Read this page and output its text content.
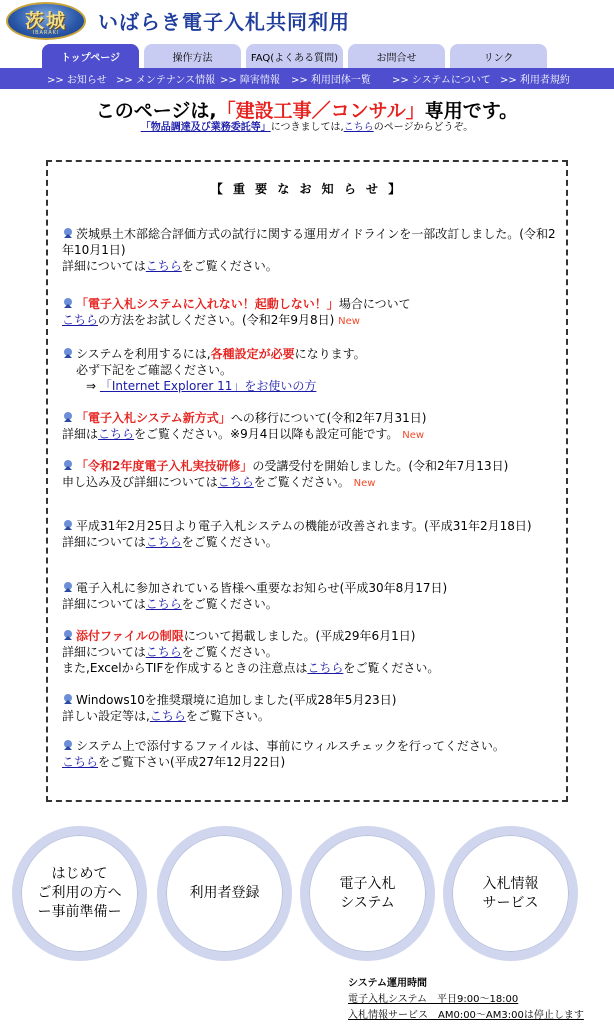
茨城
IBARAKI	いばらき電子入札共同利用
トップページ	操作方法	FAQ(よくある質問)	お問合せ	リンク
>> お知らせ >> メンテナンス情報 >> 障害情報 >> 利用団体一覧 >> システムについて >> 利用者規約
このページは,「建設工事／コンサル」専用です。
「物品調達及び業務委託等」につきましては,こちらのページからどうぞ。
【 重 要 な お 知 ら せ 】
茨城県土木部総合評価方式の試行に関する運用ガイドラインを一部改訂しました。(令和2年10月1日)
詳細についてはこちらをご覧ください。
「電子入札システムに入れない！起動しない！」場合について
こちらの方法をお試しください。(令和2年9月8日) New
システムを利用するには,各種設定が必要になります。
必ず下記をご確認ください。
⇒ 「Internet Explorer 11」をお使いの方
「電子入札システム新方式」への移行について(令和2年7月31日)
詳細はこちらをご覧ください。※9月4日以降も設定可能です。 New
「令和2年度電子入札実技研修」の受講受付を開始しました。(令和2年7月13日)
申し込み及び詳細についてはこちらをご覧ください。 New
平成31年2月25日より電子入札システムの機能が改善されます。(平成31年2月18日)
詳細についてはこちらをご覧ください。
電子入札に参加されている皆様へ重要なお知らせ(平成30年8月17日)
詳細についてはこちらをご覧ください。
添付ファイルの制限について掲載しました。(平成29年6月1日)
詳細についてはこちらをご覧ください。
また,ExcelからTIFを作成するときの注意点はこちらをご覧ください。
Windows10を推奨環境に追加しました(平成28年5月23日)
詳しい設定等は,こちらをご覧下さい。
システム上で添付するファイルは、事前にウィルスチェックを行ってください。
こちらをご覧下さい(平成27年12月22日)
はじめて
ご利用の方へ
ー事前準備ー
利用者登録
電子入札
システム
入札情報
サービス
システム運用時間
電子入札システム　平日9:00〜18:00
入札情報サービス　AM0:00〜AM3:00は停止します
